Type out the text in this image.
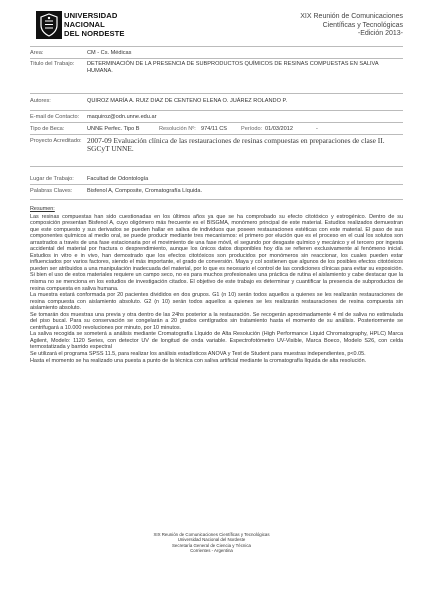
UNIVERSIDAD
NACIONAL
DEL NORDESTE
XIX Reunión de Comunicaciones
Científicas y Tecnológicas
-Edición 2013-
Area:	CM - Cs. Médicas
Titulo del Trabajo: DETERMINACIÓN DE LA PRESENCIA DE SUBPRODUCTOS QUÍMICOS DE RESINAS COMPUESTAS EN SALIVA HUMANA.
Autores:	QUIROZ MARÍA A. RUIZ DIAZ DE CENTENO ELENA O. JUÁREZ ROLANDO P.
E-mail de Contacto: maquiroz@odn.unne.edu.ar
Tipo de Beca:	UNNE Perfec. Tipo B	Resolución Nº: 974/11 CS Período: 01/03/2012	-
Proyecto Acreditado: 2007-09 Evaluación clínica de las restauraciones de resinas compuestas en preparaciones de clase II. SGCyT UNNE.
Lugar de Trabajo: Facultad de Odontología
Palabras Claves:	Bisfenol A, Composite, Cromatografía Líquida.
Resumen:

Las resinas compuestas han sido cuestionadas en los últimos años ya que se ha comprobado su efecto citotóxico y estrogénico. Dentro de su composición presentan Bisfenol A, cuyo oligómero más frecuente es el BISGMA, monómero principal de este material. Estudios realizados demuestran que este compuesto y sus derivados se pueden hallar en saliva de individuos que poseen restauraciones estéticas con este material. El paso de sus componentes químicos al medio oral, se puede producir mediante tres mecanismos: el primero por elución que es el proceso en el cual los solutos son arrastrados a través de una fase estacionaria por el movimiento de una fase móvil, el segundo por desgaste químico y mecánico y el tercero por ingesta accidental del material por fractura o desprendimiento, aunque los únicos datos disponibles hoy día se refieren exclusivamente al fenómeno inicial. Estudios in vitro e in vivo, han demostrado que los efectos citotóxicos son producidos por monómeros sin reaccionar, los cuales pueden estar influenciados por varios factores, siendo el más importante, el grado de conversión. Maya y col sostienen que algunos de los posibles efectos citotóxicos pueden ser atribuidos a una manipulación inadecuada del material, por lo que es necesario el control de las condiciones clínicas para evitar su exposición. Si bien el uso de estos materiales requiere un campo seco, no es para muchos profesionales una práctica de rutina el aislamiento y cabe destacar que la misma no se menciona en los estudios de investigación citados. El objetivo de este trabajo es determinar y cuantificar la presencia de subproductos de resina compuesta en saliva humana.

La muestra estará conformada por 20 pacientes divididos en dos grupos. G1 (n 10) serán todos aquellos a quienes se les realizarán restauraciones de resina compuesta con aislamiento absoluto. G2 (n 10) serán todos aquellos a quienes se les realizarán restauraciones de resina compuesta sin aislamiento absoluto.

Se tomarán dos muestras una previa y otra dentro de las 24hs posterior a la restauración. Se recogerán aproximadamente 4 ml de saliva no estimulada del piso bucal. Para su conservación se congelarán a 20 grados centígrados sin tratamiento hasta el momento de su análisis. Posteriormente se centrifugará a 10.000 revoluciones por minuto, por 10 minutos.

La saliva recogida se someterá a análisis mediante Cromatografía Líquido de Alta Resolución (High Performance Liquid Chromatography, HPLC) Marca Agilent, Modelo: 1120 Series, con detector UV de longitud de onda variable. Espectrofotómetro UV-Visible, Marca Boeco, Modelo S26, con celda termostatizada y barrido espectral

Se utilizará el programa SPSS 11.5, para realizar los análisis estadísticos ANOVA y Test de Student para muestras independientes, p<0.05.

Hasta el momento se ha realizado una puesta a punto de la técnica con saliva artificial mediante la cromatografía líquida de alta resolución.

XIX Reunión de Comunicaciones Científicas y Tecnológicas
Universidad Nacional del Nordeste
Secretaría General de Ciencia y Técnica
Corrientes - Argentina
